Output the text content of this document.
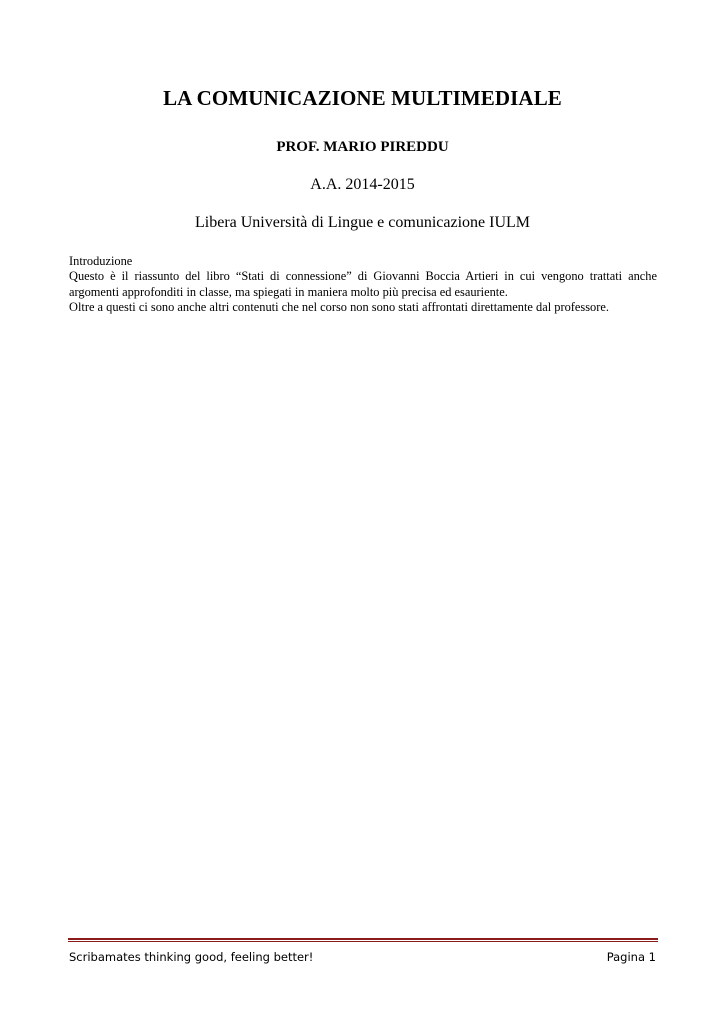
LA COMUNICAZIONE MULTIMEDIALE
PROF. MARIO PIREDDU
A.A. 2014-2015
Libera Università di Lingue e comunicazione IULM

Introduzione

Questo è il riassunto del libro “Stati di connessione” di Giovanni Boccia Artieri in cui vengono trattati anche argomenti approfonditi in classe, ma spiegati in maniera molto più precisa ed esauriente.

Oltre a questi ci sono anche altri contenuti che nel corso non sono stati affrontati direttamente dal professore.

Scribamates thinking good, feeling better!	Pagina 1
